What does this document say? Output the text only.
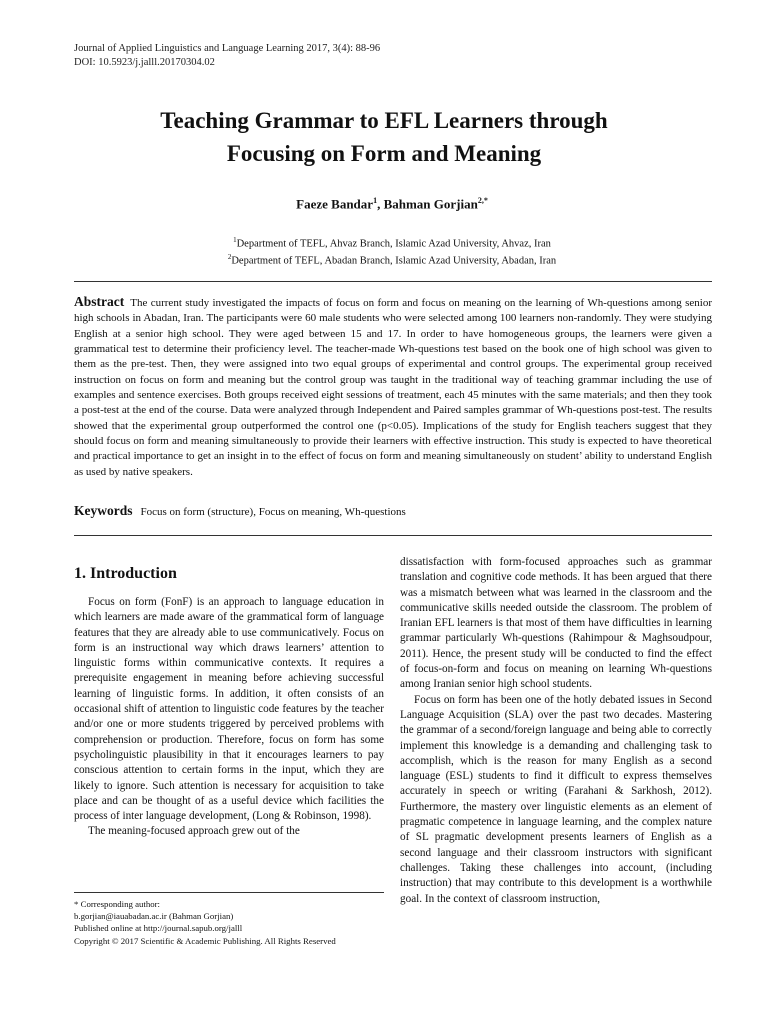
Journal of Applied Linguistics and Language Learning 2017, 3(4): 88-96
DOI: 10.5923/j.jalll.20170304.02
Teaching Grammar to EFL Learners through
Focusing on Form and Meaning
Faeze Bandar$^1$, Bahman Gorjian$^{2,*}$
$^1$Department of TEFL, Ahvaz Branch, Islamic Azad University, Ahvaz, Iran
$^2$Department of TEFL, Abadan Branch, Islamic Azad University, Abadan, Iran
Abstract The current study investigated the impacts of focus on form and focus on meaning on the learning of Wh-questions among senior high schools in Abadan, Iran. The participants were 60 male students who were selected among 100 learners non-randomly. They were studying English at a senior high school. They were aged between 15 and 17. In order to have homogeneous groups, the learners were given a grammatical test to determine their proficiency level. The teacher-made Wh-questions test based on the book one of high school was given to them as the pre-test. Then, they were assigned into two equal groups of experimental and control groups. The experimental group received instruction on focus on form and meaning but the control group was taught in the traditional way of teaching grammar including the use of examples and sentence exercises. Both groups received eight sessions of treatment, each 45 minutes with the same materials; and then they took a post-test at the end of the course. Data were analyzed through Independent and Paired samples grammar of Wh-questions post-test. The results showed that the experimental group outperformed the control one (p<0.05). Implications of the study for English teachers suggest that they should focus on form and meaning simultaneously to provide their learners with effective instruction. This study is expected to have theoretical and practical importance to get an insight in to the effect of focus on form and meaning simultaneously on student’ ability to understand English as used by native speakers.
Keywords Focus on form (structure), Focus on meaning, Wh-questions
1. Introduction

Focus on form (FonF) is an approach to language education in which learners are made aware of the grammatical form of language features that they are already able to use communicatively. Focus on form is an instructional way which draws learners’ attention to linguistic forms within communicative contexts. It requires a prerequisite engagement in meaning before achieving successful learning of linguistic forms. In addition, it often consists of an occasional shift of attention to linguistic code features by the teacher and/or one or more students triggered by perceived problems with comprehension or production. Therefore, focus on form has some psycholinguistic plausibility in that it encourages learners to pay conscious attention to certain forms in the input, which they are likely to ignore. Such attention is necessary for acquisition to take place and can be thought of as a useful device which facilities the process of inter language development, (Long & Robinson, 1998).

The meaning-focused approach grew out of the

dissatisfaction with form-focused approaches such as grammar translation and cognitive code methods. It has been argued that there was a mismatch between what was learned in the classroom and the communicative skills needed outside the classroom. The problem of Iranian EFL learners is that most of them have difficulties in learning grammar particularly Wh-questions (Rahimpour & Maghsoudpour, 2011). Hence, the present study will be conducted to find the effect of focus-on-form and focus on meaning on learning Wh-questions among Iranian senior high school students.

Focus on form has been one of the hotly debated issues in Second Language Acquisition (SLA) over the past two decades. Mastering the grammar of a second/foreign language and being able to correctly implement this knowledge is a demanding and challenging task to accomplish, which is the reason for many English as a second language (ESL) students to find it difficult to express themselves accurately in speech or writing (Farahani & Sarkhosh, 2012). Furthermore, the mastery over linguistic elements as an element of pragmatic competence in language learning, and the complex nature of SL pragmatic development presents learners of English as a second language and their classroom instructors with significant challenges. Taking these challenges into account, (including instruction) that may contribute to this development is a worthwhile goal. In the context of classroom instruction,

* Corresponding author:
b.gorjian@iauabadan.ac.ir (Bahman Gorjian)
Published online at http://journal.sapub.org/jalll
Copyright © 2017 Scientific & Academic Publishing. All Rights Reserved
